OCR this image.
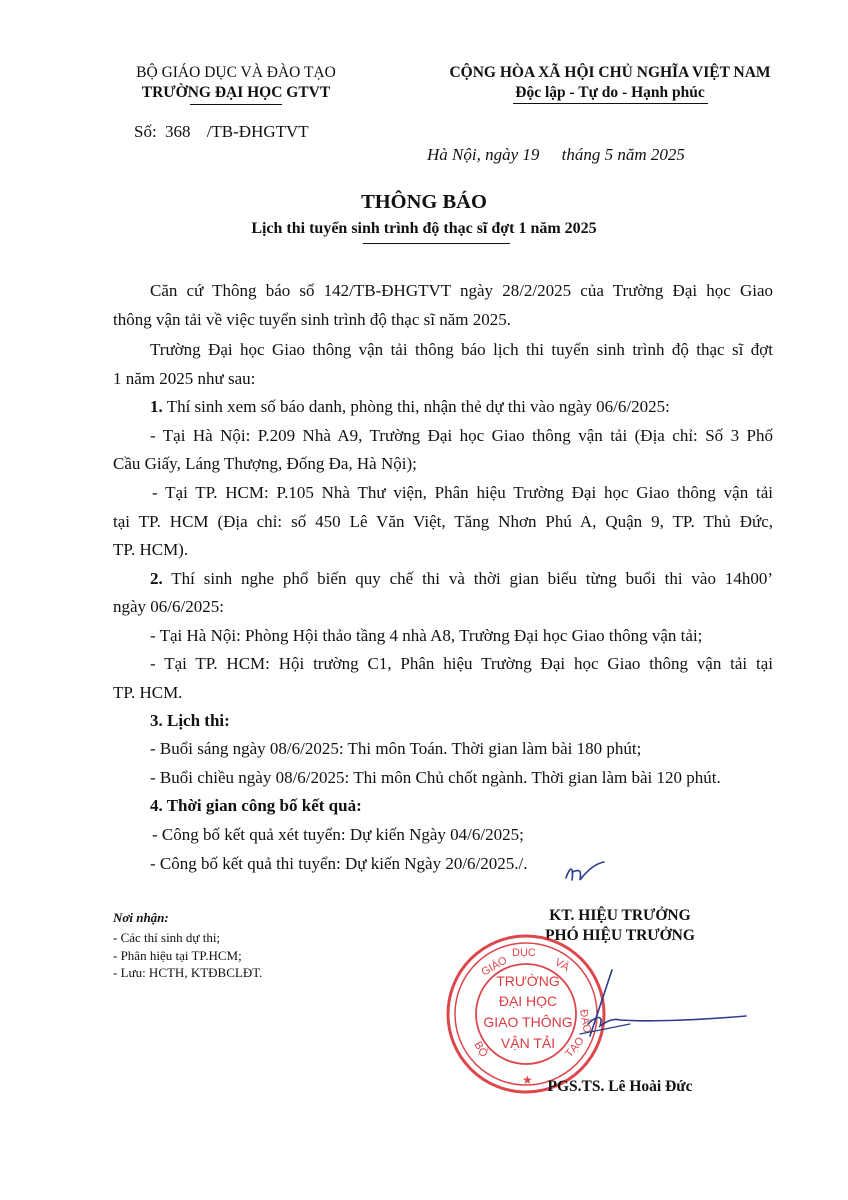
BỘ GIÁO DỤC VÀ ĐÀO TẠO
TRƯỜNG ĐẠI HỌC GTVT
CỘNG HÒA XÃ HỘI CHỦ NGHĨA VIỆT NAM
Độc lập - Tự do - Hạnh phúc
Số: 368 /TB-ĐHGTVT
Hà Nội, ngày 19 tháng 5 năm 2025
THÔNG BÁO
Lịch thi tuyển sinh trình độ thạc sĩ đợt 1 năm 2025
Căn cứ Thông báo số 142/TB-ĐHGTVT ngày 28/2/2025 của Trường Đại học Giao
thông vận tải về việc tuyển sinh trình độ thạc sĩ năm 2025.
Trường Đại học Giao thông vận tải thông báo lịch thi tuyển sinh trình độ thạc sĩ đợt
1 năm 2025 như sau:
1. Thí sinh xem số báo danh, phòng thi, nhận thẻ dự thi vào ngày 06/6/2025:
- Tại Hà Nội: P.209 Nhà A9, Trường Đại học Giao thông vận tải (Địa chỉ: Số 3 Phố
Cầu Giấy, Láng Thượng, Đống Đa, Hà Nội);
- Tại TP. HCM: P.105 Nhà Thư viện, Phân hiệu Trường Đại học Giao thông vận tải
tại TP. HCM (Địa chỉ: số 450 Lê Văn Việt, Tăng Nhơn Phú A, Quận 9, TP. Thủ Đức,
TP. HCM).
2. Thí sinh nghe phổ biến quy chế thi và thời gian biểu từng buổi thi vào 14h00’
ngày 06/6/2025:
- Tại Hà Nội: Phòng Hội thảo tầng 4 nhà A8, Trường Đại học Giao thông vận tải;
- Tại TP. HCM: Hội trường C1, Phân hiệu Trường Đại học Giao thông vận tải tại
TP. HCM.
3. Lịch thi:
- Buổi sáng ngày 08/6/2025: Thi môn Toán. Thời gian làm bài 180 phút;
- Buổi chiều ngày 08/6/2025: Thi môn Chủ chốt ngành. Thời gian làm bài 120 phút.
4. Thời gian công bố kết quả:
- Công bố kết quả xét tuyển: Dự kiến Ngày 04/6/2025;
- Công bố kết quả thi tuyển: Dự kiến Ngày 20/6/2025./.
Nơi nhận:
- Các thí sinh dự thi;
- Phân hiệu tại TP.HCM;
- Lưu: HCTH, KTĐBCLĐT.
KT. HIỆU TRƯỞNG
PHÓ HIỆU TRƯỞNG
GIÁO
DỤC
VÀ
ĐÀO
TẠO
BỘ
★
TRƯỜNG
ĐẠI HỌC
GIAO THÔNG
VẬN TẢI
PGS.TS. Lê Hoài Đức
